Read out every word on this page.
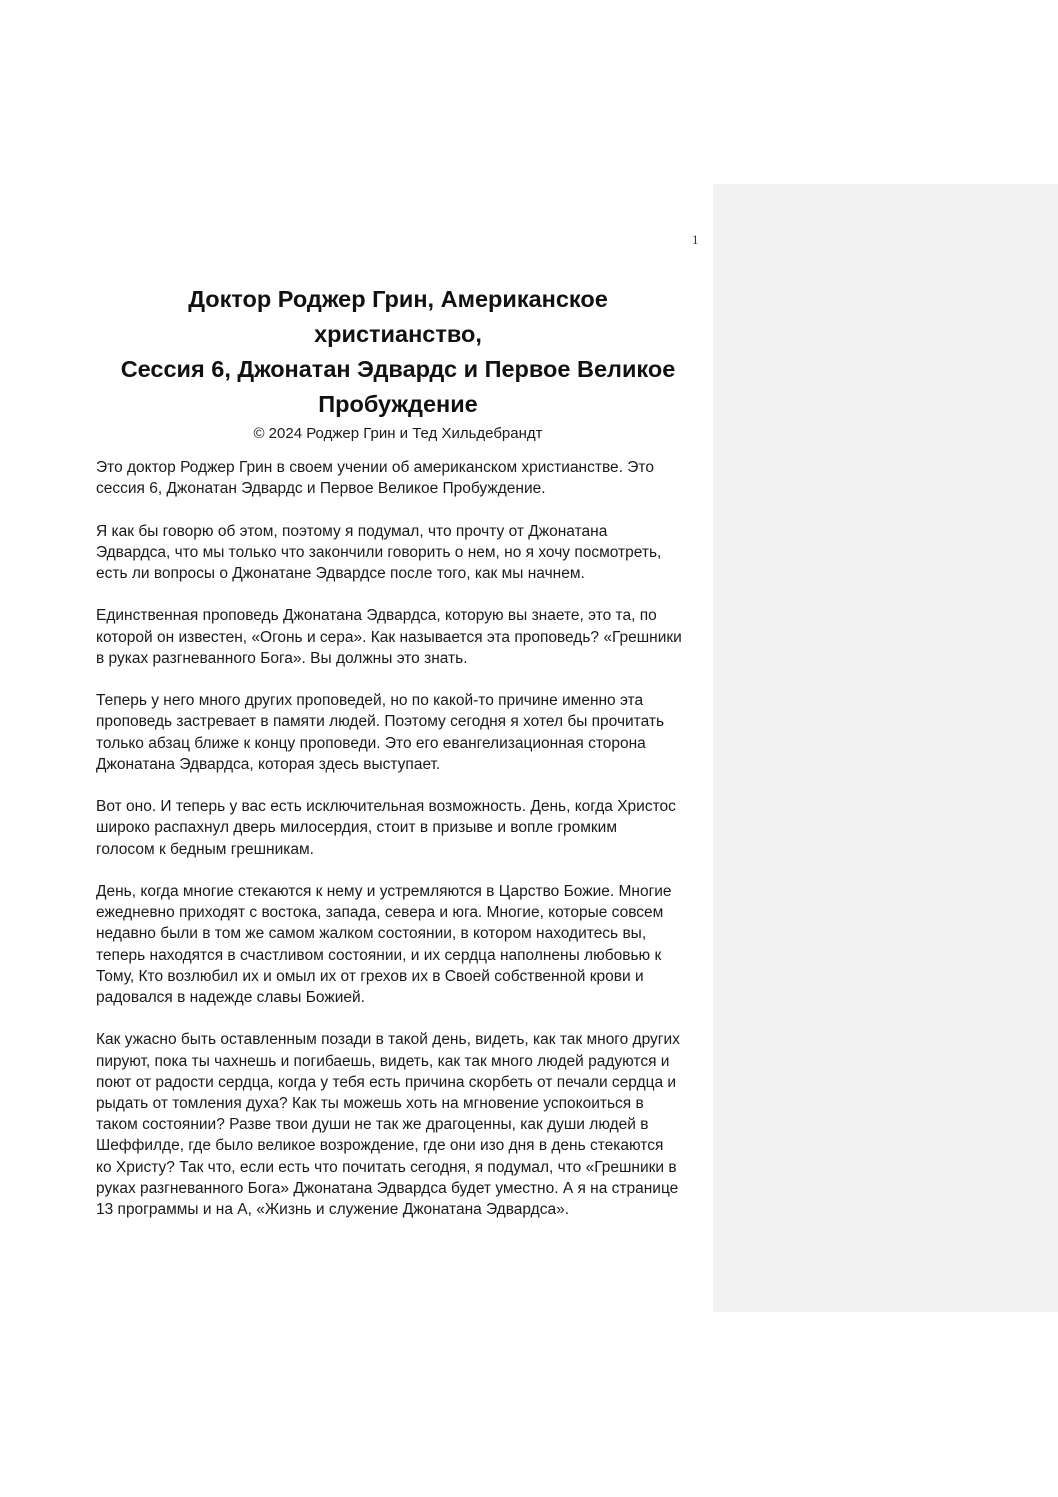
1
Доктор Роджер Грин, Американское
христианство,
Сессия 6, Джонатан Эдвардс и Первое Великое
Пробуждение
© 2024 Роджер Грин и Тед Хильдебрандт

Это доктор Роджер Грин в своем учении об американском христианстве. Это
сессия 6, Джонатан Эдвардс и Первое Великое Пробуждение.

Я как бы говорю об этом, поэтому я подумал, что прочту от Джонатана
Эдвардса, что мы только что закончили говорить о нем, но я хочу посмотреть,
есть ли вопросы о Джонатане Эдвардсе после того, как мы начнем.

Единственная проповедь Джонатана Эдвардса, которую вы знаете, это та, по
которой он известен, «Огонь и сера». Как называется эта проповедь? «Грешники
в руках разгневанного Бога». Вы должны это знать.

Теперь у него много других проповедей, но по какой-то причине именно эта
проповедь застревает в памяти людей. Поэтому сегодня я хотел бы прочитать
только абзац ближе к концу проповеди. Это его евангелизационная сторона
Джонатана Эдвардса, которая здесь выступает.

Вот оно. И теперь у вас есть исключительная возможность. День, когда Христос
широко распахнул дверь милосердия, стоит в призыве и вопле громким
голосом к бедным грешникам.

День, когда многие стекаются к нему и устремляются в Царство Божие. Многие
ежедневно приходят с востока, запада, севера и юга. Многие, которые совсем
недавно были в том же самом жалком состоянии, в котором находитесь вы,
теперь находятся в счастливом состоянии, и их сердца наполнены любовью к
Тому, Кто возлюбил их и омыл их от грехов их в Своей собственной крови и
радовался в надежде славы Божией.

Как ужасно быть оставленным позади в такой день, видеть, как так много других
пируют, пока ты чахнешь и погибаешь, видеть, как так много людей радуются и
поют от радости сердца, когда у тебя есть причина скорбеть от печали сердца и
рыдать от томления духа? Как ты можешь хоть на мгновение успокоиться в
таком состоянии? Разве твои души не так же драгоценны, как души людей в
Шеффилде, где было великое возрождение, где они изо дня в день стекаются
ко Христу? Так что, если есть что почитать сегодня, я подумал, что «Грешники в
руках разгневанного Бога» Джонатана Эдвардса будет уместно. А я на странице
13 программы и на А, «Жизнь и служение Джонатана Эдвардса».
